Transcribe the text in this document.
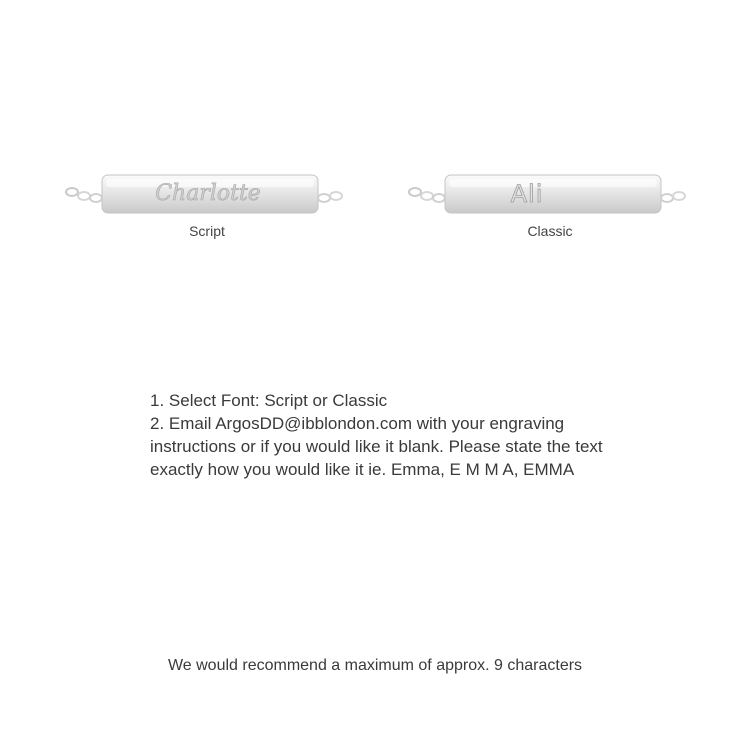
Charlotte
Script
Ali
Classic

1. Select Font: Script or Classic

2. Email ArgosDD@ibblondon.com with your engraving instructions or if you would like it blank. Please state the text exactly how you would like it ie. Emma, E M M A, EMMA

We would recommend a maximum of approx. 9 characters
